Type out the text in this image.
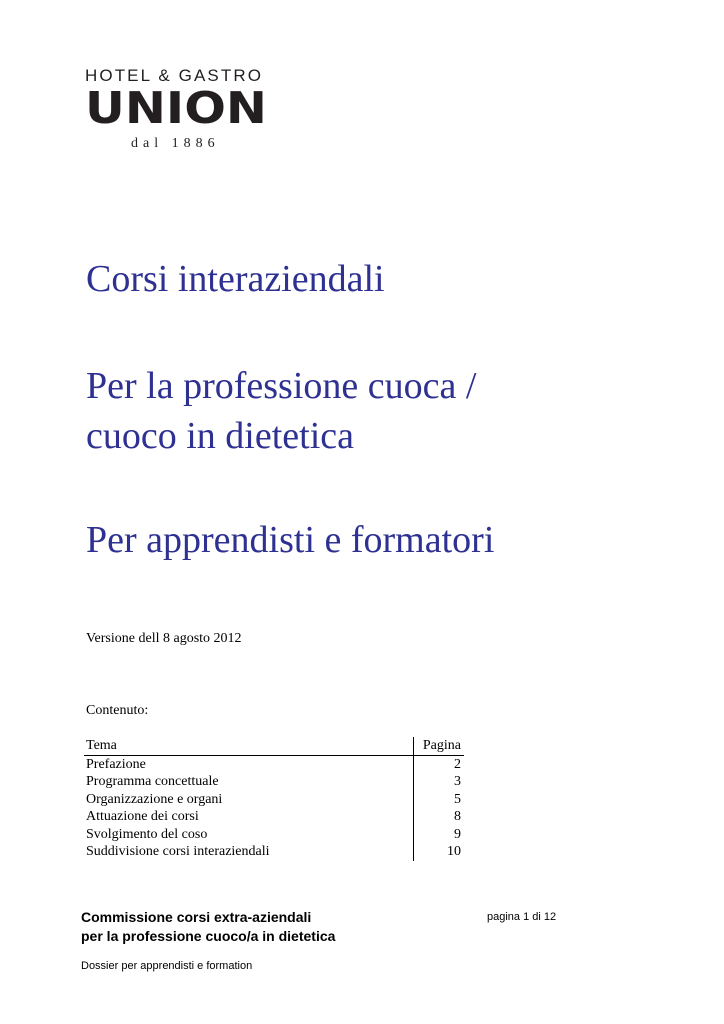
HOTEL & GASTRO
UNION
dal 1886
Corsi interaziendali
Per la professione cuoca /
cuoco in dietetica
Per apprendisti e formatori
Versione dell 8 agosto 2012
Contenuto:
Tema	Pagina
Prefazione	2
Programma concettuale	3
Organizzazione e organi	5
Attuazione dei corsi	8
Svolgimento del coso	9
Suddivisione corsi interaziendali	10
Commissione corsi extra-aziendali
per la professione cuoco/a in dietetica
pagina 1 di 12
Dossier per apprendisti e formation
